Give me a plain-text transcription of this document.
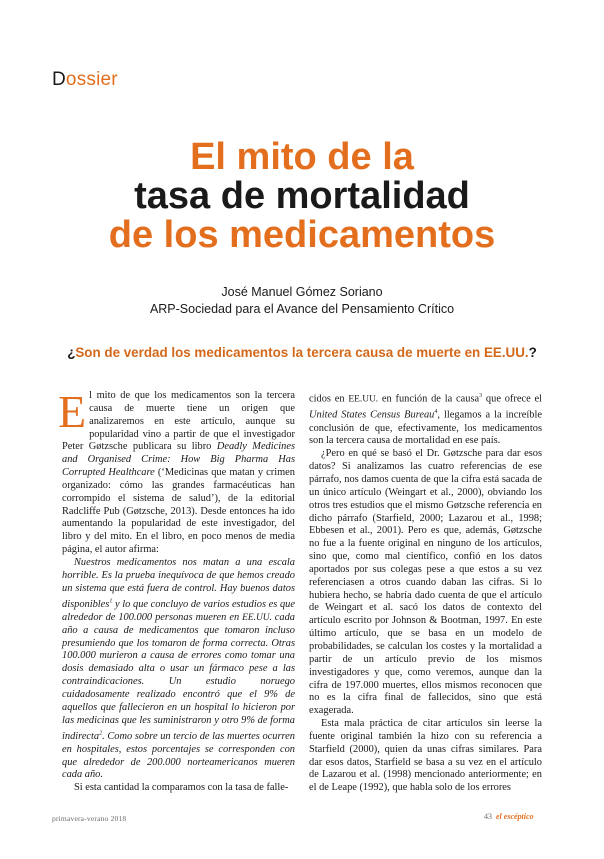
Dossier
El mito de la
tasa de mortalidad
de los medicamentos
José Manuel Gómez Soriano
ARP-Sociedad para el Avance del Pensamiento Crítico
¿Son de verdad los medicamentos la tercera causa de muerte en EE.UU.?

El mito de que los medicamentos son la tercera causa de muerte tiene un origen que analizaremos en este artículo, aunque su popularidad vino a partir de que el investigador Peter Gøtzsche publicara su libro Deadly Medicines and Organised Crime: How Big Pharma Has Corrupted Healthcare (‘Medicinas que matan y crimen organizado: cómo las grandes farmacéuticas han corrompido el sistema de salud’), de la editorial Radcliffe Pub (Gøtzsche, 2013). Desde entonces ha ido aumentando la popularidad de este investigador, del libro y del mito. En el libro, en poco menos de media página, el autor afirma:

Nuestros medicamentos nos matan a una escala horrible. Es la prueba inequívoca de que hemos creado un sistema que está fuera de control. Hay buenos datos disponibles$^1$ y lo que concluyo de varios estudios es que alrededor de 100.000 personas mueren en EE.UU. cada año a causa de medicamentos que tomaron incluso presumiendo que los tomaron de forma correcta. Otras 100.000 murieron a causa de errores como tomar una dosis demasiado alta o usar un fármaco pese a las contraindicaciones. Un estudio noruego cuidadosamente realizado encontró que el 9% de aquellos que fallecieron en un hospital lo hicieron por las medicinas que les suministraron y otro 9% de forma indirecta$^2$. Como sobre un tercio de las muertes ocurren en hospitales, estos porcentajes se corresponden con que alrededor de 200.000 norteamericanos mueren cada año.

Si esta cantidad la comparamos con la tasa de falle-

cidos en EE.UU. en función de la causa$^3$ que ofrece el United States Census Bureau$^4$, llegamos a la increíble conclusión de que, efectivamente, los medicamentos son la tercera causa de mortalidad en ese país.

¿Pero en qué se basó el Dr. Gøtzsche para dar esos datos? Si analizamos las cuatro referencias de ese párrafo, nos damos cuenta de que la cifra está sacada de un único artículo (Weingart et al., 2000), obviando los otros tres estudios que el mismo Gøtzsche referencia en dicho párrafo (Starfield, 2000; Lazarou et al., 1998; Ebbesen et al., 2001). Pero es que, además, Gøtzsche no fue a la fuente original en ninguno de los artículos, sino que, como mal científico, confió en los datos aportados por sus colegas pese a que estos a su vez referenciasen a otros cuando daban las cifras. Si lo hubiera hecho, se habría dado cuenta de que el artículo de Weingart et al. sacó los datos de contexto del artículo escrito por Johnson & Bootman, 1997. En este último artículo, que se basa en un modelo de probabilidades, se calculan los costes y la mortalidad a partir de un artículo previo de los mismos investigadores y que, como veremos, aunque dan la cifra de 197.000 muertes, ellos mismos reconocen que no es la cifra final de fallecidos, sino que está exagerada.

Esta mala práctica de citar artículos sin leerse la fuente original también la hizo con su referencia a Starfield (2000), quien da unas cifras similares. Para dar esos datos, Starfield se basa a su vez en el artículo de Lazarou et al. (1998) mencionado anteriormente; en el de Leape (1992), que habla solo de los errores

primavera-verano 2018	43 el escéptico
